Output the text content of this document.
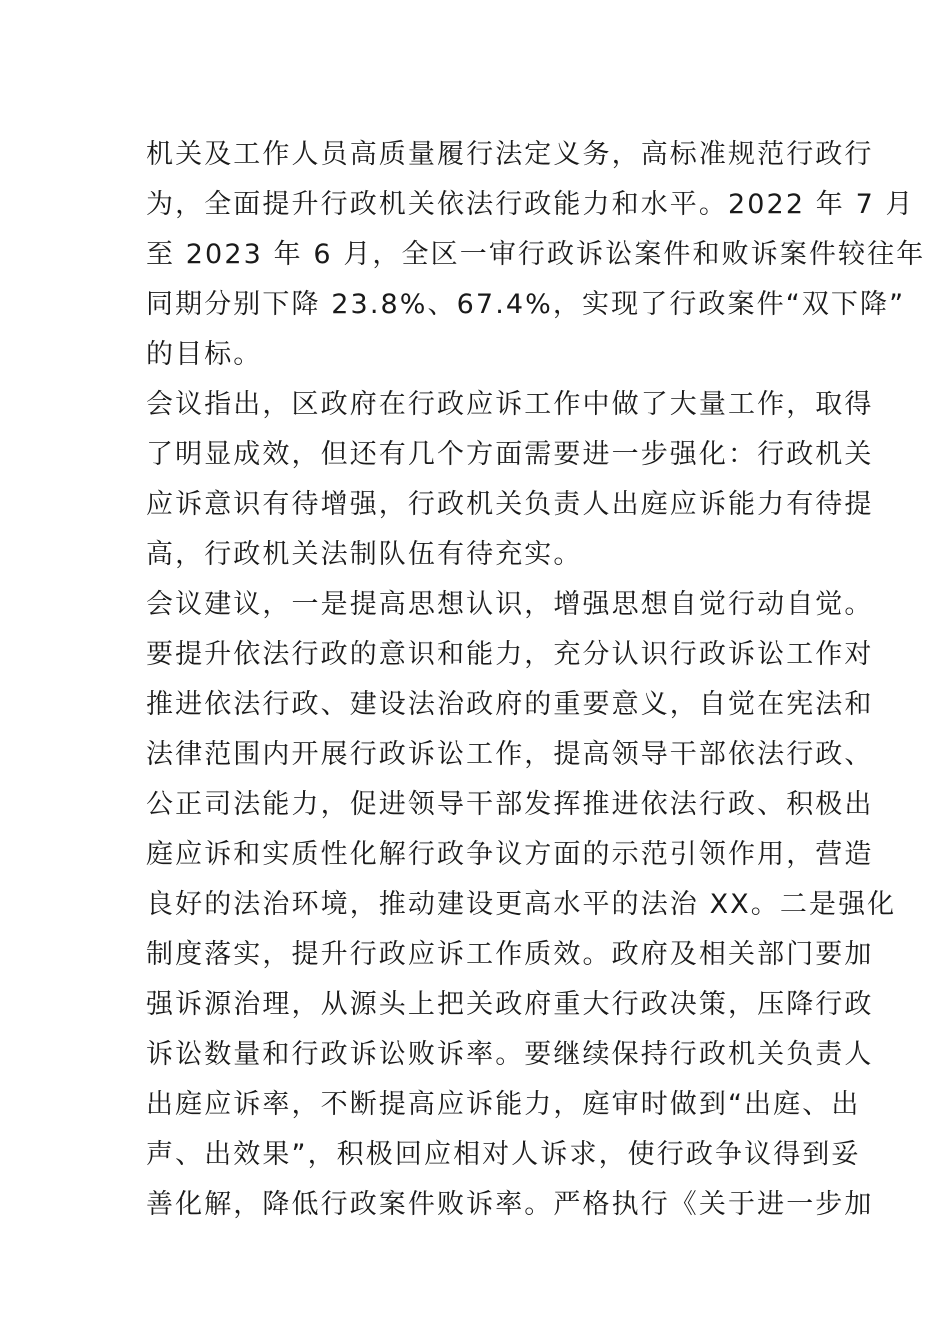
机关及工作人员高质量履行法定义务，高标准规范行政行
为，全面提升行政机关依法行政能力和水平。2022 年 7 月
至 2023 年 6 月，全区一审行政诉讼案件和败诉案件较往年
同期分别下降 23.8%、67.4%，实现了行政案件“双下降”
的目标。
会议指出，区政府在行政应诉工作中做了大量工作，取得
了明显成效，但还有几个方面需要进一步强化：行政机关
应诉意识有待增强，行政机关负责人出庭应诉能力有待提
高，行政机关法制队伍有待充实。
会议建议，一是提高思想认识，增强思想自觉行动自觉。
要提升依法行政的意识和能力，充分认识行政诉讼工作对
推进依法行政、建设法治政府的重要意义，自觉在宪法和
法律范围内开展行政诉讼工作，提高领导干部依法行政、
公正司法能力，促进领导干部发挥推进依法行政、积极出
庭应诉和实质性化解行政争议方面的示范引领作用，营造
良好的法治环境，推动建设更高水平的法治 XX。二是强化
制度落实，提升行政应诉工作质效。政府及相关部门要加
强诉源治理，从源头上把关政府重大行政决策，压降行政
诉讼数量和行政诉讼败诉率。要继续保持行政机关负责人
出庭应诉率，不断提高应诉能力，庭审时做到“出庭、出
声、出效果”，积极回应相对人诉求，使行政争议得到妥
善化解，降低行政案件败诉率。严格执行《关于进一步加
